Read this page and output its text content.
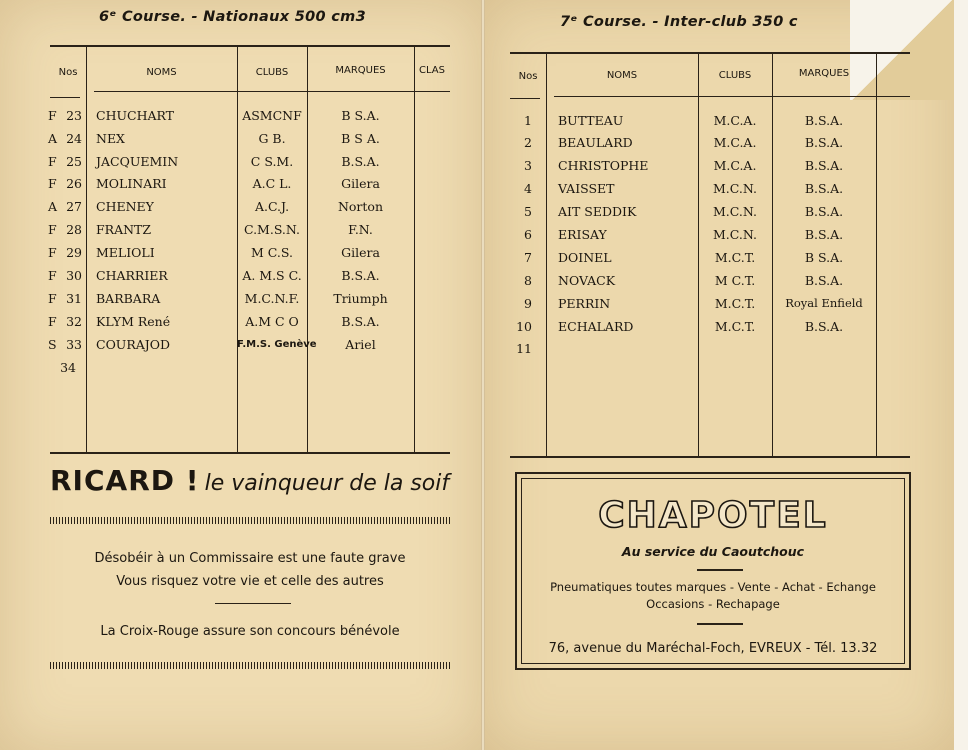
6ᵉ Course. - Nationaux 500 cm3
Nos	NOMS	CLUBS	MARQUES	CLAS
F 23 CHUCHART	ASMCNF	B S.A.
A 24 NEX	G B.	B S A.
F 25 JACQUEMIN	C S.M.	B.S.A.
F 26 MOLINARI	A.C L.	Gilera
A 27 CHENEY	A.C.J.	Norton
F 28 FRANTZ	C.M.S.N.	F.N.
F 29 MELIOLI	M C.S.	Gilera
F 30 CHARRIER	A. M.S C.	B.S.A.
F 31 BARBARA	M.C.N.F.	Triumph
F 32 KLYM René	A.M C O	B.S.A.
S 33 COURAJOD	F.M.S. Genève	Ariel
34
RICARD ! le vainqueur de la soif
Désobéir à un Commissaire est une faute grave
Vous risquez votre vie et celle des autres
La Croix-Rouge assure son concours bénévole
7ᵉ Course. - Inter-club 350 c
Nos	NOMS	CLUBS	MARQUES
1 BUTTEAU	M.C.A.	B.S.A.
2 BEAULARD	M.C.A.	B.S.A.
3 CHRISTOPHE	M.C.A.	B.S.A.
4 VAISSET	M.C.N.	B.S.A.
5 AIT SEDDIK	M.C.N.	B.S.A.
6 ERISAY	M.C.N.	B.S.A.
7 DOINEL	M.C.T.	B S.A.
8 NOVACK	M C.T.	B.S.A.
9 PERRIN	M.C.T.	Royal Enfield
10 ECHALARD	M.C.T.	B.S.A.
11
CHAPOTEL
Au service du Caoutchouc
Pneumatiques toutes marques - Vente - Achat - Echange
Occasions - Rechapage
76, avenue du Maréchal-Foch, EVREUX - Tél. 13.32
